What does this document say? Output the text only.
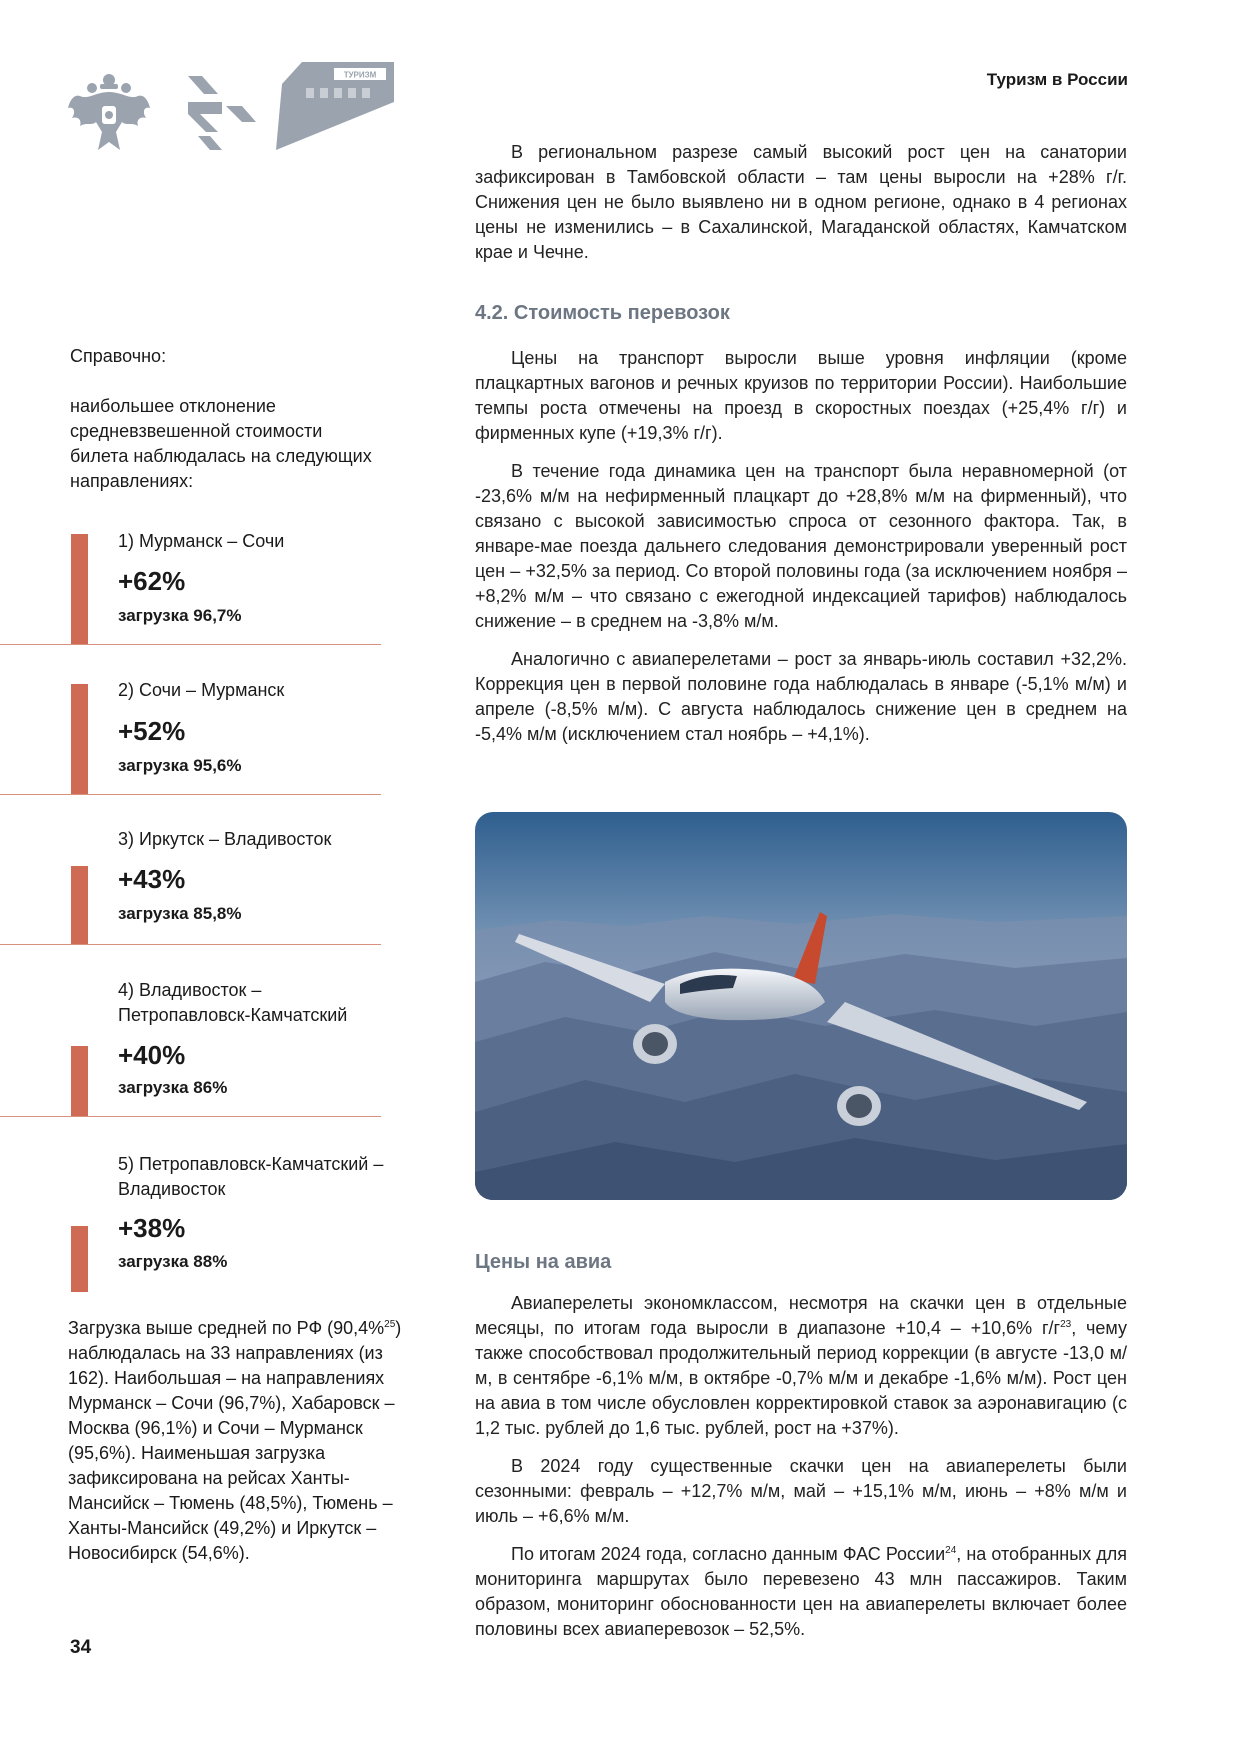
ТУРИЗМ	Туризм в России

В региональном разрезе самый высокий рост цен на санатории зафиксирован в Тамбовской области – там цены выросли на +28% г/г. Снижения цен не было выявлено ни в одном регионе, однако в 4 регионах цены не изменились – в Сахалинской, Магаданской областях, Камчатском крае и Чечне.

4.2. Стоимость перевозок

Цены на транспорт выросли выше уровня инфляции (кроме плацкартных вагонов и речных круизов по территории России). Наибольшие темпы роста отмечены на проезд в скоростных поездах (+25,4% г/г) и фирменных купе (+19,3% г/г).

В течение года динамика цен на транспорт была неравномерной (от -23,6% м/м на нефирменный плацкарт до +28,8% м/м на фирменный), что связано с высокой зависимостью спроса от сезонного фактора. Так, в январе-мае поезда дальнего следования демонстрировали уверенный рост цен – +32,5% за период. Со второй половины года (за исключением ноября – +8,2% м/м – что связано с ежегодной индексацией тарифов) наблюдалось снижение – в среднем на -3,8% м/м.

Аналогично с авиаперелетами – рост за январь-июль составил +32,2%. Коррекция цен в первой половине года наблюдалась в январе (-5,1% м/м) и апреле (-8,5% м/м). С августа наблюдалось снижение цен в среднем на -5,4% м/м (исключением стал ноябрь – +4,1%).

Цены на авиа

Авиаперелеты экономклассом, несмотря на скачки цен в отдельные месяцы, по итогам года выросли в диапазоне +10,4 – +10,6% $г/г^{23}$, чему также способствовал продолжительный период коррекции (в августе -13,0 м/м, в сентябре -6,1% м/м, в октябре -0,7% м/м и декабре -1,6% м/м). Рост цен на авиа в том числе обусловлен корректировкой ставок за аэронавигацию (с 1,2 тыс. рублей до 1,6 тыс. рублей, рост на +37%).

В 2024 году существенные скачки цен на авиаперелеты были сезонными: февраль – +12,7% м/м, май – +15,1% м/м, июнь – +8% м/м и июль – +6,6% м/м.

По итогам 2024 года, согласно данным ФАС России$^{24}$, на отобранных для мониторинга маршрутах было перевезено 43 млн пассажиров. Таким образом, мониторинг обоснованности цен на авиаперелеты включает более половины всех авиаперевозок – 52,5%.

Справочно:

наибольшее отклонение средневзвешенной стоимости билета наблюдалась на следующих направлениях:

1) Мурманск – Сочи
+62%
загрузка 96,7%
2) Сочи – Мурманск
+52%
загрузка 95,6%
3) Иркутск – Владивосток
+43%
загрузка 85,8%
4) Владивосток – Петропавловск-Камчатский
+40%
загрузка 86%
5) Петропавловск-Камчатский – Владивосток
+38%
загрузка 88%

Загрузка выше средней по РФ (90,4%$^{25}$) наблюдалась на 33 направлениях (из 162). Наибольшая – на направлениях Мурманск – Сочи (96,7%), Хабаровск – Москва (96,1%) и Сочи – Мурманск (95,6%). Наименьшая загрузка зафиксирована на рейсах Ханты-Мансийск – Тюмень (48,5%), Тюмень – Ханты-Мансийск (49,2%) и Иркутск – Новосибирск (54,6%).

34
